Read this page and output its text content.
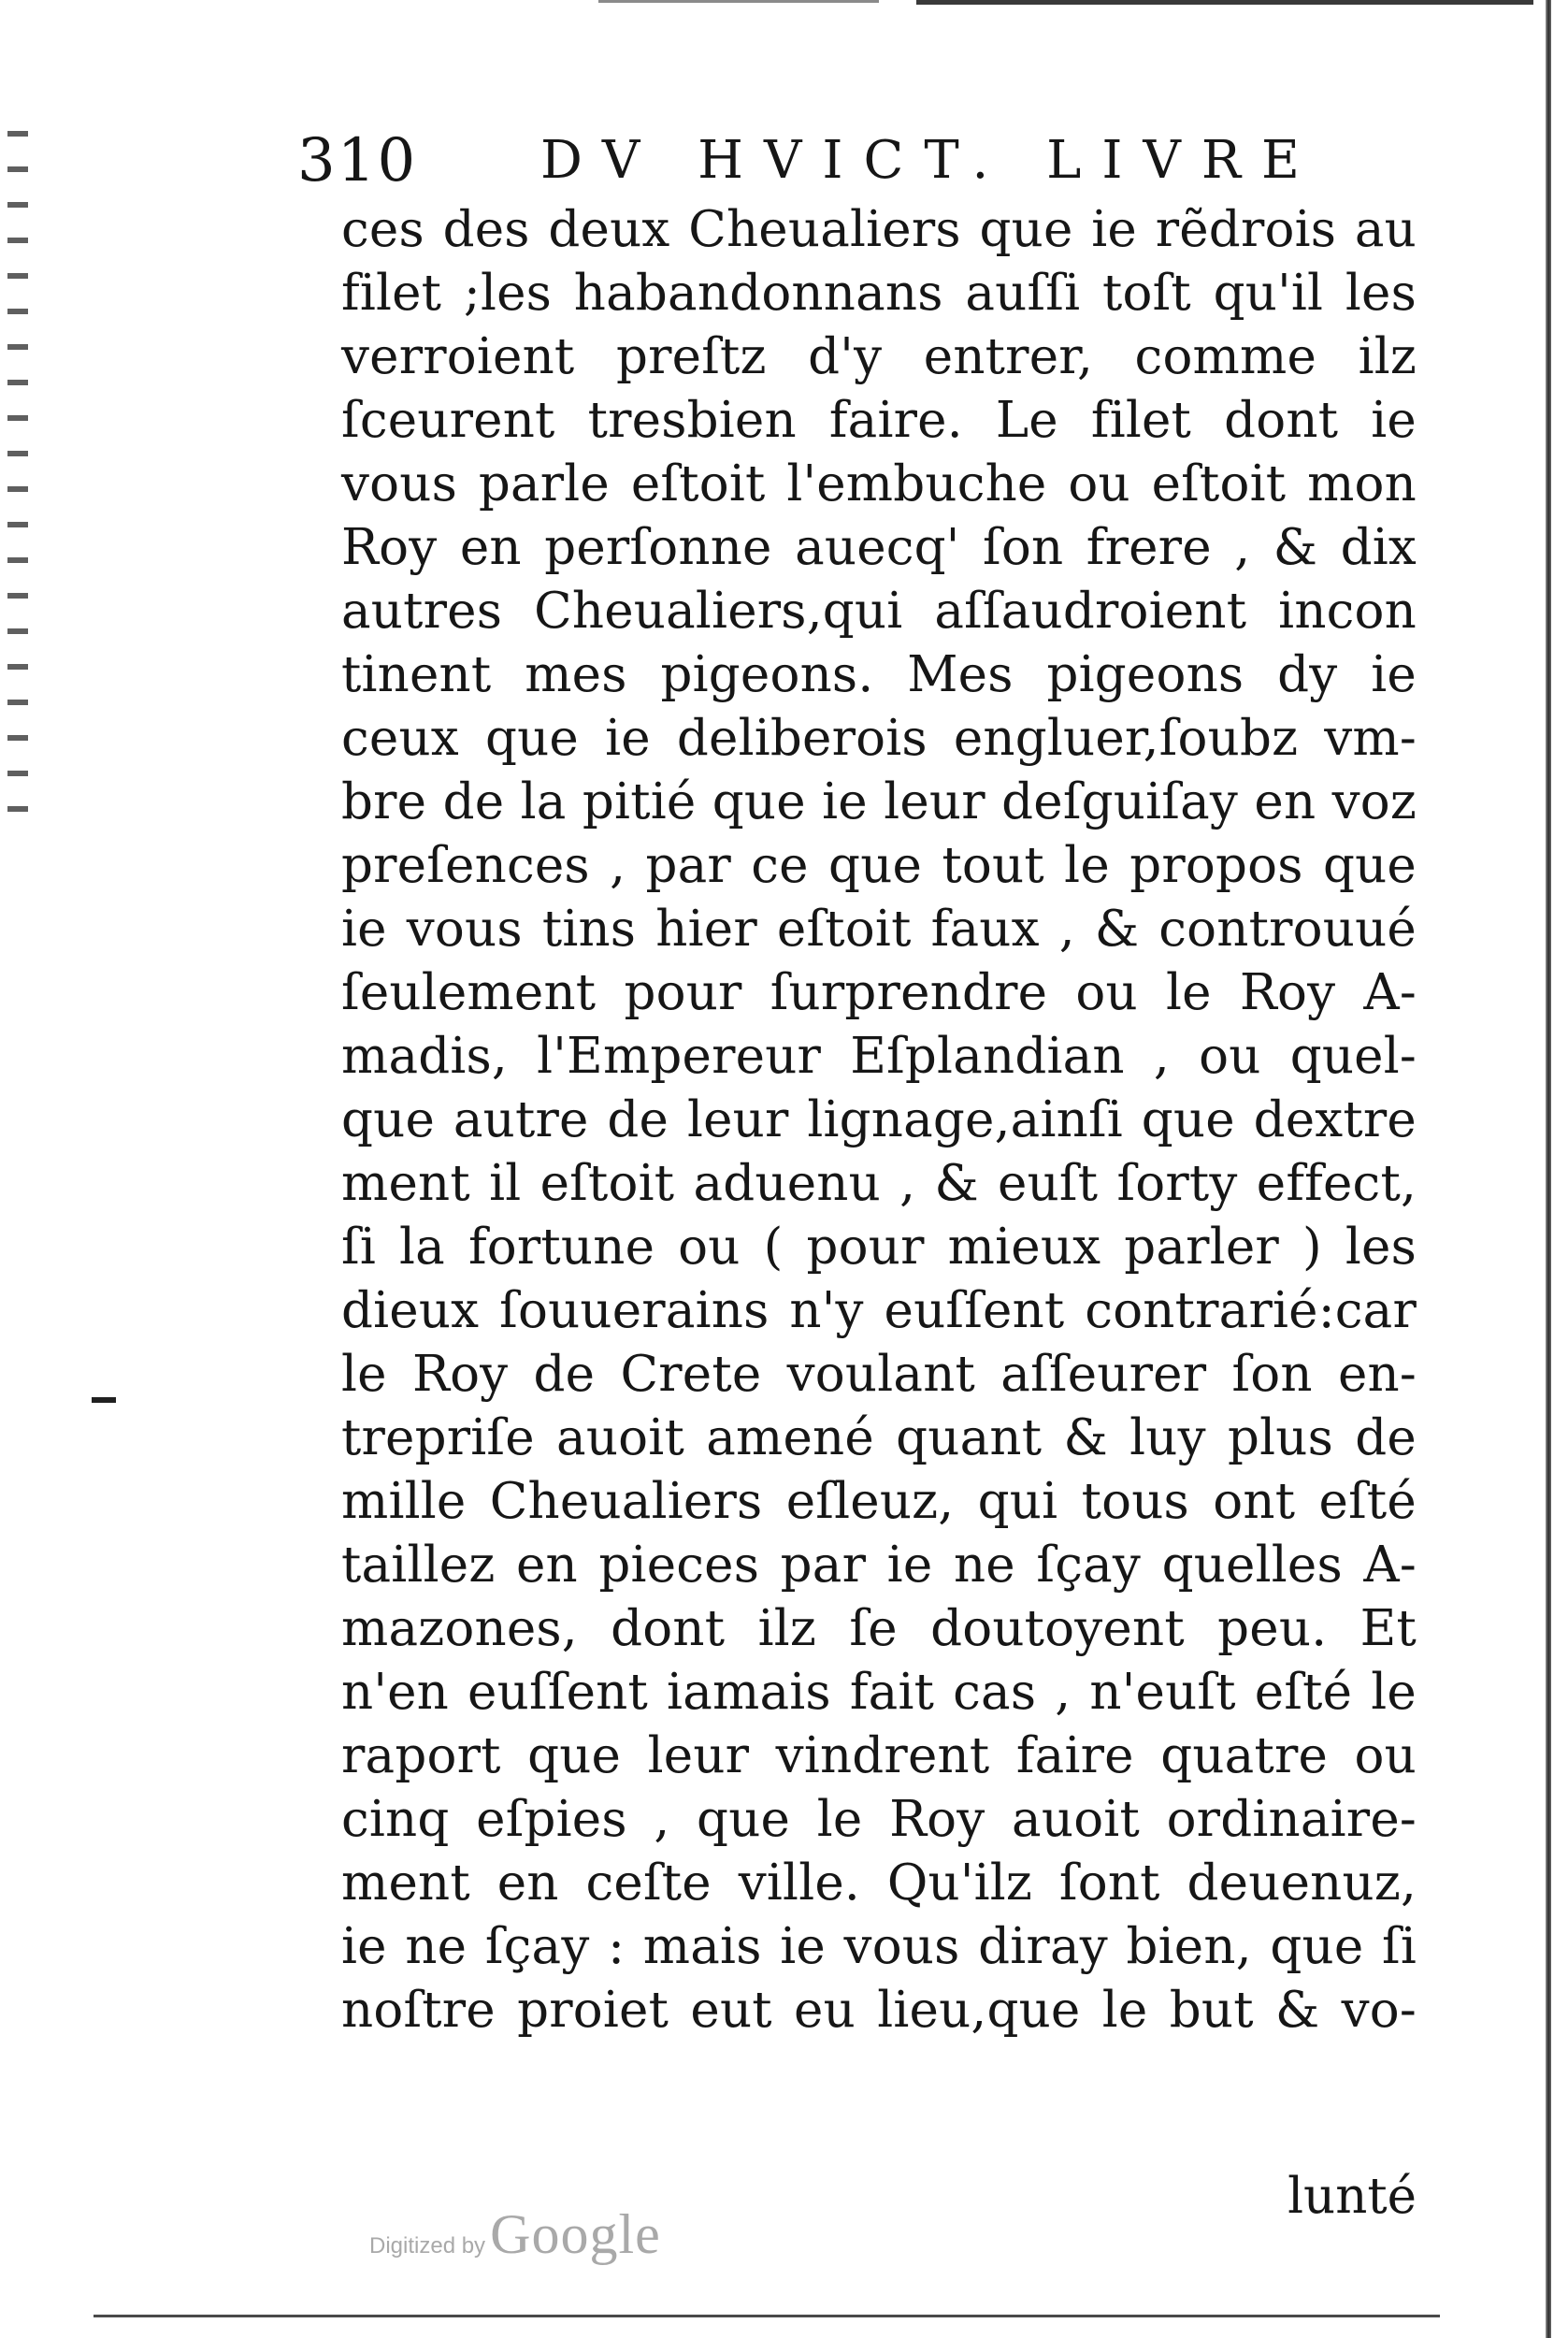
310 DV HVICT. LIVRE
ces des deux Cheualiers que ie rẽdrois au
filet ;les habandonnans auſſi toſt qu'il les
verroient preſtz d'y entrer, comme ilz
ſceurent tresbien faire. Le filet dont ie
vous parle eſtoit l'embuche ou eſtoit mon
Roy en perſonne auecq' ſon frere , & dix
autres Cheualiers,qui aſſaudroient incon
tinent mes pigeons. Mes pigeons dy ie
ceux que ie deliberois engluer,ſoubz vm-
bre de la pitié que ie leur deſguiſay en voz
preſences , par ce que tout le propos que
ie vous tins hier eſtoit faux , & controuué
ſeulement pour ſurprendre ou le Roy A-
madis, l'Empereur Eſplandian , ou quel-
que autre de leur lignage,ainſi que dextre
ment il eſtoit aduenu , & euſt ſorty effect,
ſi la fortune ou ( pour mieux parler ) les
dieux ſouuerains n'y euſſent contrarié:car
le Roy de Crete voulant aſſeurer ſon en-
trepriſe auoit amené quant & luy plus de
mille Cheualiers eſleuz, qui tous ont eſté
taillez en pieces par ie ne ſçay quelles A-
mazones, dont ilz ſe doutoyent peu. Et
n'en euſſent iamais fait cas , n'euſt eſté le
raport que leur vindrent faire quatre ou
cinq eſpies , que le Roy auoit ordinaire-
ment en ceſte ville. Qu'ilz ſont deuenuz,
ie ne ſçay : mais ie vous diray bien, que ſi
noſtre proiet eut eu lieu,que le but & vo-
lunté
Digitized by Google
